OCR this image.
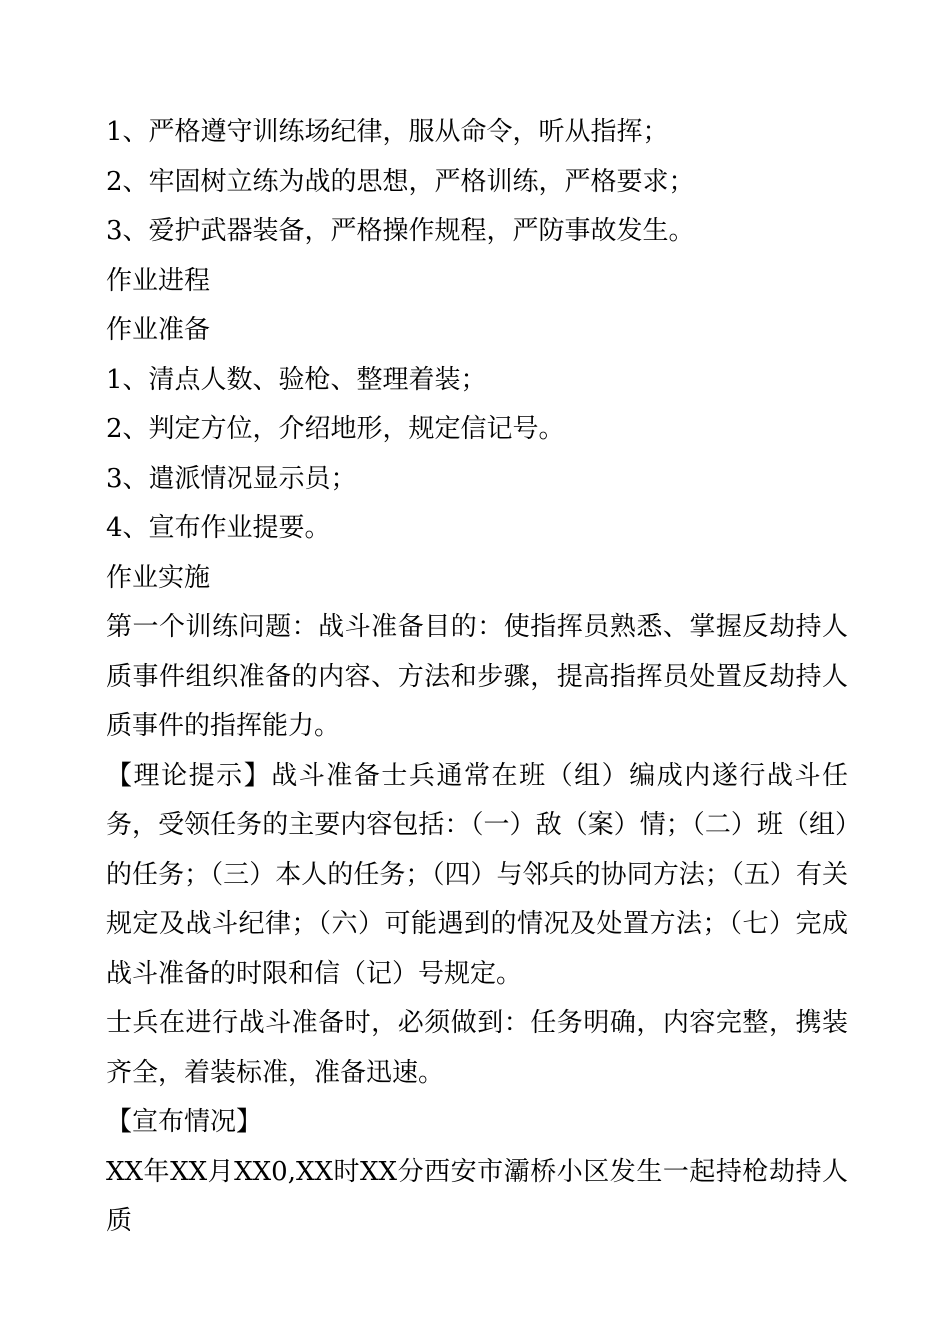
1、严格遵守训练场纪律，服从命令，听从指挥；

2、牢固树立练为战的思想，严格训练，严格要求；

3、爱护武器装备，严格操作规程，严防事故发生。

作业进程

作业准备

1、清点人数、验枪、整理着装；

2、判定方位，介绍地形，规定信记号。

3、遣派情况显示员；

4、宣布作业提要。

作业实施

第一个训练问题：战斗准备目的：使指挥员熟悉、掌握反劫持人质事件组织准备的内容、方法和步骤，提高指挥员处置反劫持人质事件的指挥能力。

【理论提示】战斗准备士兵通常在班（组）编成内遂行战斗任务，受领任务的主要内容包括：（一）敌（案）情；（二）班（组）的任务；（三）本人的任务；（四）与邻兵的协同方法；（五）有关规定及战斗纪律；（六）可能遇到的情况及处置方法；（七）完成战斗准备的时限和信（记）号规定。

士兵在进行战斗准备时，必须做到：任务明确，内容完整，携装齐全，着装标准，准备迅速。

【宣布情况】

XX年XX月XX0,XX时XX分西安市灞桥小区发生一起持枪劫持人质
